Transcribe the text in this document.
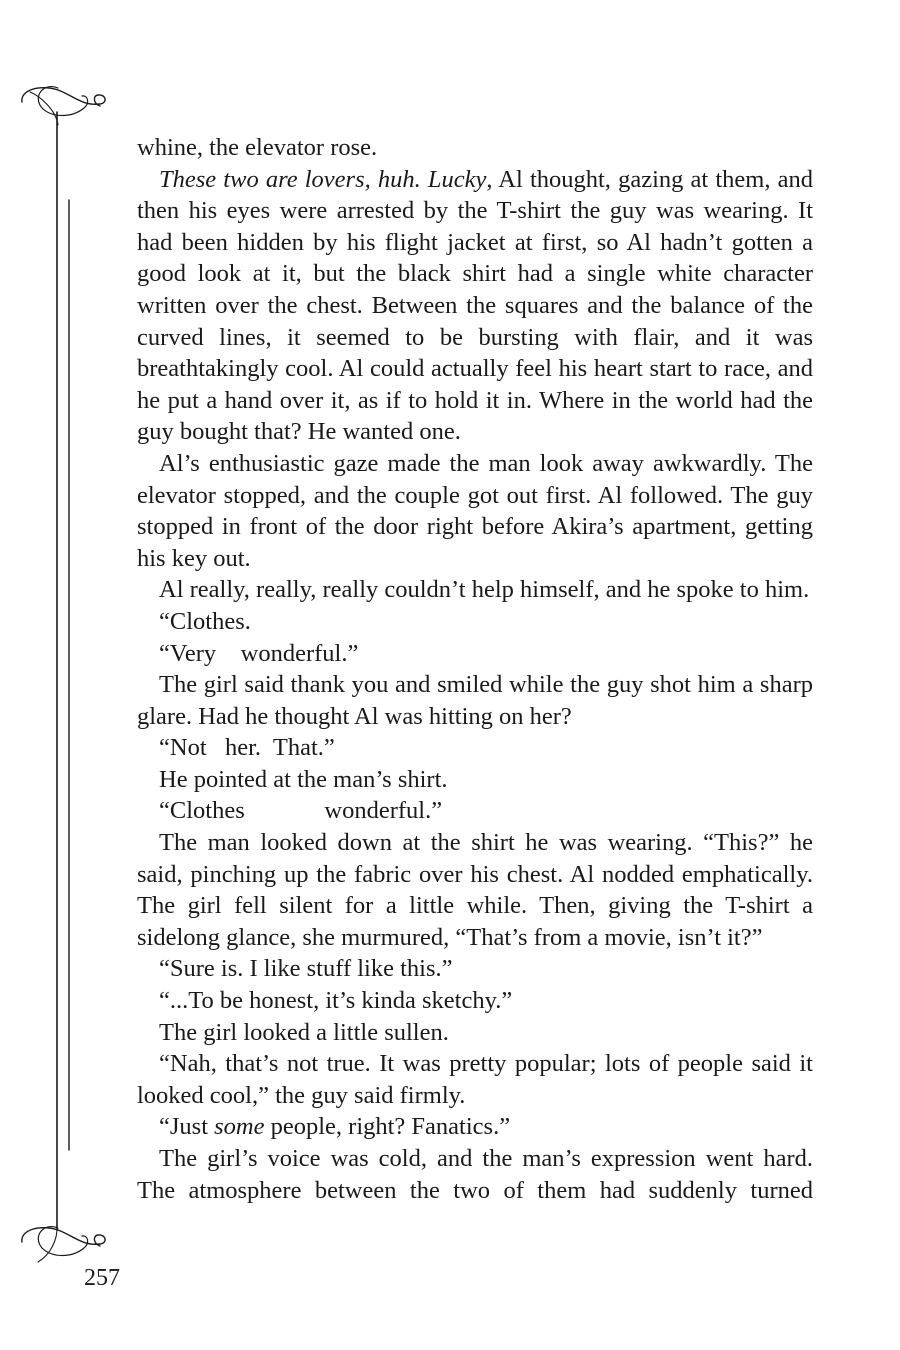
whine, the elevator rose.

These two are lovers, huh. Lucky, Al thought, gazing at them, and then his eyes were arrested by the T-shirt the guy was wearing. It had been hidden by his flight jacket at first, so Al hadn’t gotten a good look at it, but the black shirt had a single white character written over the chest. Between the squares and the balance of the curved lines, it seemed to be bursting with flair, and it was breathtakingly cool. Al could actually feel his heart start to race, and he put a hand over it, as if to hold it in. Where in the world had the guy bought that? He wanted one.

Al’s enthusiastic gaze made the man look away awkwardly. The elevator stopped, and the couple got out first. Al followed. The guy stopped in front of the door right before Akira’s apartment, getting his key out.

Al really, really, really couldn’t help himself, and he spoke to him.

“Clothes.

“Very wonderful.”

The girl said thank you and smiled while the guy shot him a sharp glare. Had he thought Al was hitting on her?

“Not her. That.”

He pointed at the man’s shirt.

“Clothes	wonderful.”

The man looked down at the shirt he was wearing. “This?” he said, pinching up the fabric over his chest. Al nodded emphatically. The girl fell silent for a little while. Then, giving the T-shirt a sidelong glance, she murmured, “That’s from a movie, isn’t it?”

“Sure is. I like stuff like this.”

“...To be honest, it’s kinda sketchy.”

The girl looked a little sullen.

“Nah, that’s not true. It was pretty popular; lots of people said it looked cool,” the guy said firmly.

“Just some people, right? Fanatics.”

The girl’s voice was cold, and the man’s expression went hard. The atmosphere between the two of them had suddenly turned

257
